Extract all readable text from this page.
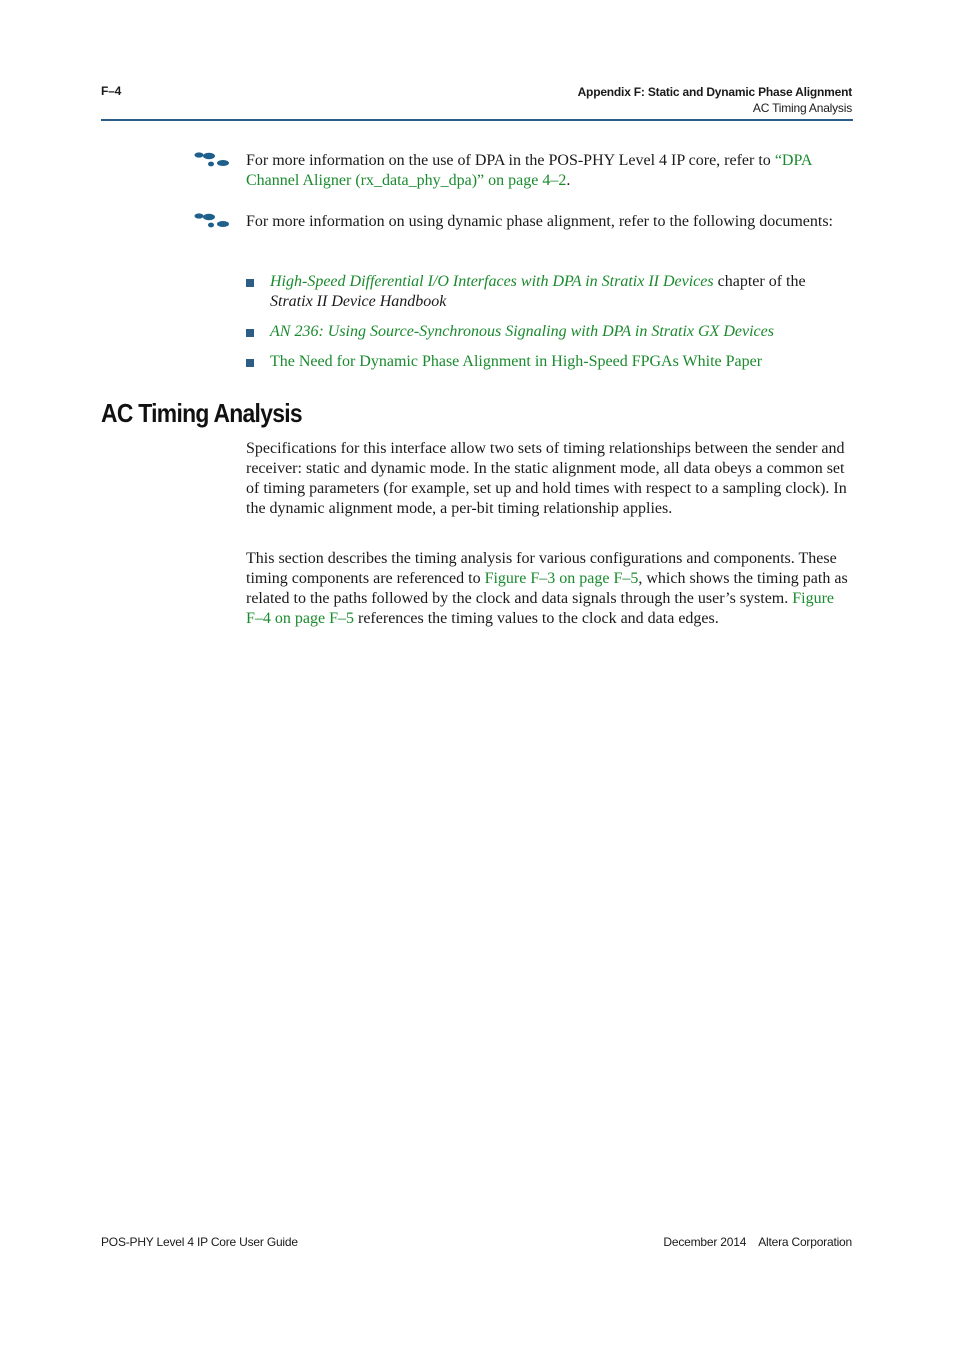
F–4	Appendix F: Static and Dynamic Phase Alignment
AC Timing Analysis
For more information on the use of DPA in the POS-PHY Level 4 IP core, refer to “DPA Channel Aligner (rx_data_phy_dpa)” on page 4–2.
For more information on using dynamic phase alignment, refer to the following documents:
High-Speed Differential I/O Interfaces with DPA in Stratix II Devices chapter of the
Stratix II Device Handbook
AN 236: Using Source-Synchronous Signaling with DPA in Stratix GX Devices
The Need for Dynamic Phase Alignment in High-Speed FPGAs White Paper
AC Timing Analysis

Specifications for this interface allow two sets of timing relationships between the sender and receiver: static and dynamic mode. In the static alignment mode, all data obeys a common set of timing parameters (for example, set up and hold times with respect to a sampling clock). In the dynamic alignment mode, a per-bit timing relationship applies.

This section describes the timing analysis for various configurations and components. These timing components are referenced to Figure F–3 on page F–5, which shows the timing path as related to the paths followed by the clock and data signals through the user’s system. Figure F–4 on page F–5 references the timing values to the clock and data edges.

POS-PHY Level 4 IP Core User Guide	December 2014 Altera Corporation
